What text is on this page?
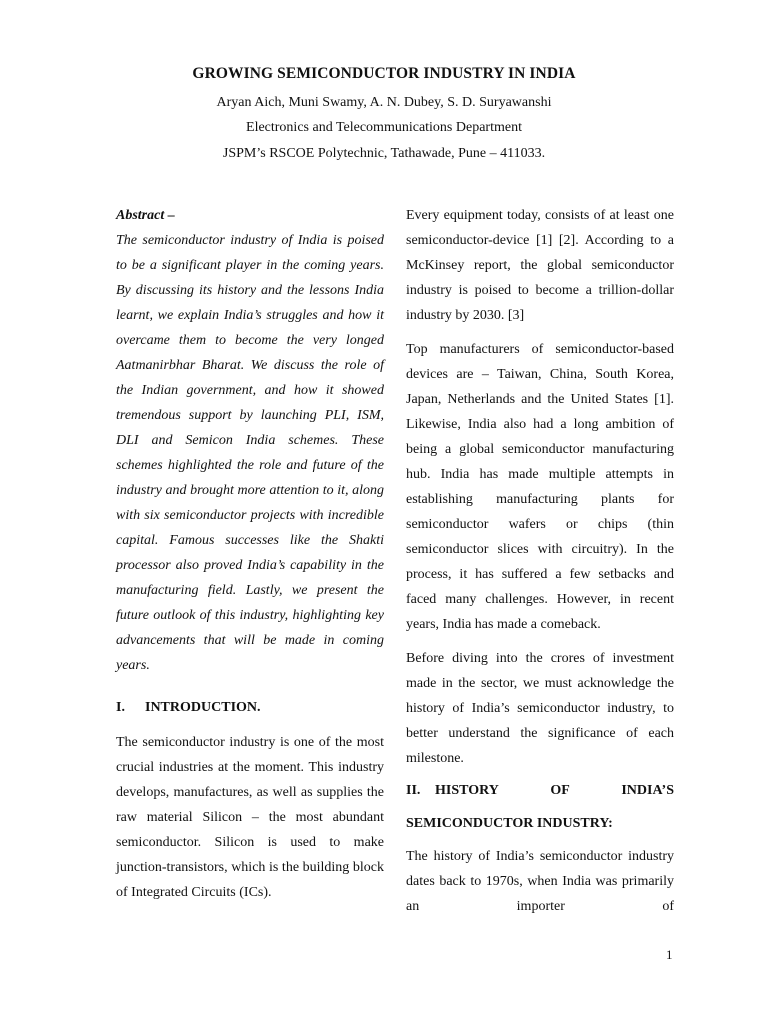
GROWING SEMICONDUCTOR INDUSTRY IN INDIA
Aryan Aich, Muni Swamy, A. N. Dubey, S. D. Suryawanshi
Electronics and Telecommunications Department
JSPM’s RSCOE Polytechnic, Tathawade, Pune – 411033.

Abstract –

The semiconductor industry of India is poised to be a significant player in the coming years. By discussing its history and the lessons India learnt, we explain India’s struggles and how it overcame them to become the very longed Aatmanirbhar Bharat. We discuss the role of the Indian government, and how it showed tremendous support by launching PLI, ISM, DLI and Semicon India schemes. These schemes highlighted the role and future of the industry and brought more attention to it, along with six semiconductor projects with incredible capital. Famous successes like the Shakti processor also proved India’s capability in the manufacturing field. Lastly, we present the future outlook of this industry, highlighting key advancements that will be made in coming years.

I.	INTRODUCTION.

The semiconductor industry is one of the most crucial industries at the moment. This industry develops, manufactures, as well as supplies the raw material Silicon – the most abundant semiconductor. Silicon is used to make junction-transistors, which is the building block of Integrated Circuits (ICs).

Every equipment today, consists of at least one semiconductor-device [1] [2]. According to a McKinsey report, the global semiconductor industry is poised to become a trillion-dollar industry by 2030. [3]

Top manufacturers of semiconductor-based devices are – Taiwan, China, South Korea, Japan, Netherlands and the United States [1]. Likewise, India also had a long ambition of being a global semiconductor manufacturing hub. India has made multiple attempts in establishing manufacturing plants for semiconductor wafers or chips (thin semiconductor slices with circuitry). In the process, it has suffered a few setbacks and faced many challenges. However, in recent years, India has made a comeback.

Before diving into the crores of investment made in the sector, we must acknowledge the history of India’s semiconductor industry, to better understand the significance of each milestone.

II.	HISTORY OF INDIA’S
SEMICONDUCTOR INDUSTRY:

The history of India’s semiconductor industry dates back to 1970s, when India was primarily an importer of

1
